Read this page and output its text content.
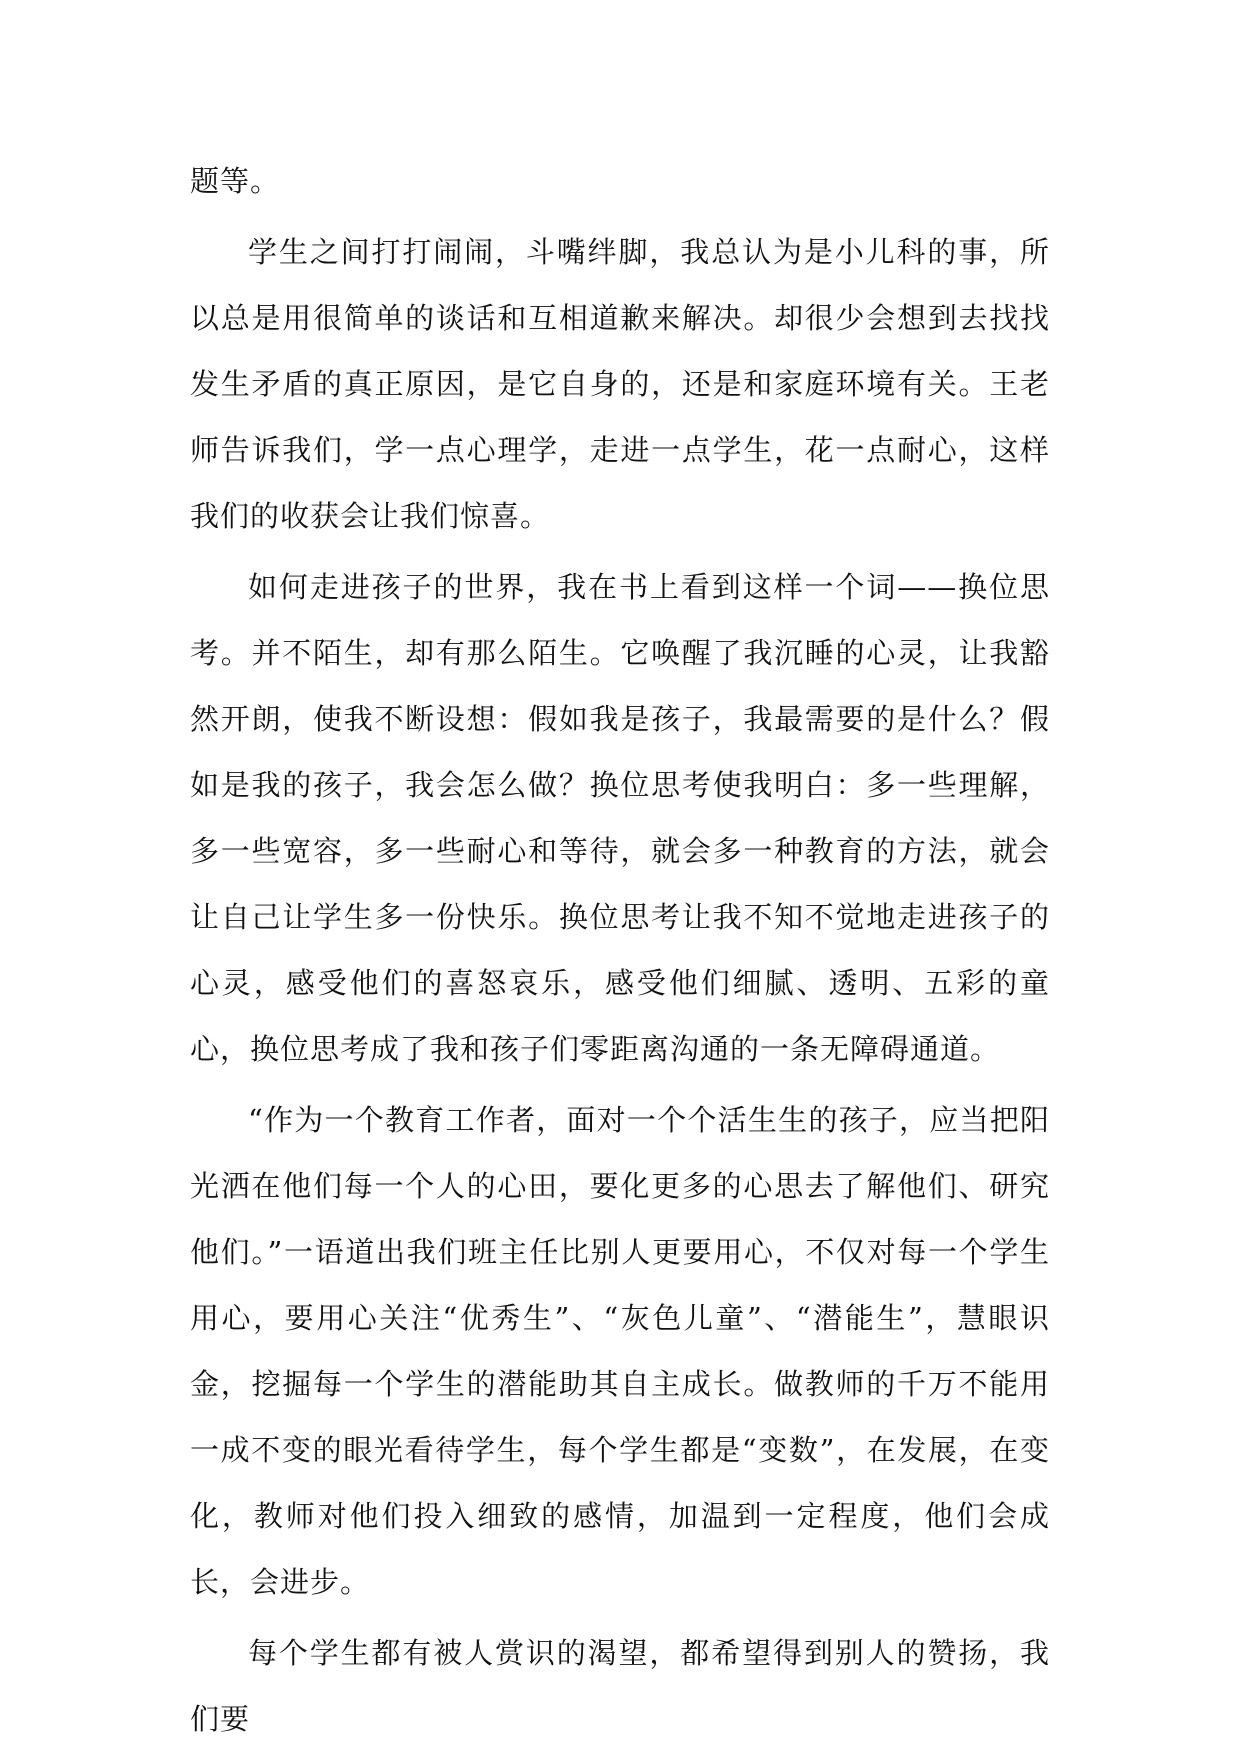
题等。

学生之间打打闹闹，斗嘴绊脚，我总认为是小儿科的事，所以总是用很简单的谈话和互相道歉来解决。却很少会想到去找找发生矛盾的真正原因，是它自身的，还是和家庭环境有关。王老师告诉我们，学一点心理学，走进一点学生，花一点耐心，这样我们的收获会让我们惊喜。

如何走进孩子的世界，我在书上看到这样一个词——换位思考。并不陌生，却有那么陌生。它唤醒了我沉睡的心灵，让我豁然开朗，使我不断设想：假如我是孩子，我最需要的是什么？假如是我的孩子，我会怎么做？换位思考使我明白：多一些理解，多一些宽容，多一些耐心和等待，就会多一种教育的方法，就会让自己让学生多一份快乐。换位思考让我不知不觉地走进孩子的心灵，感受他们的喜怒哀乐，感受他们细腻、透明、五彩的童心，换位思考成了我和孩子们零距离沟通的一条无障碍通道。

“作为一个教育工作者，面对一个个活生生的孩子，应当把阳光洒在他们每一个人的心田，要化更多的心思去了解他们、研究他们。”一语道出我们班主任比别人更要用心，不仅对每一个学生用心，要用心关注“优秀生”、“灰色儿童”、“潜能生”，慧眼识金，挖掘每一个学生的潜能助其自主成长。做教师的千万不能用一成不变的眼光看待学生，每个学生都是“变数”，在发展，在变化，教师对他们投入细致的感情，加温到一定程度，他们会成长，会进步。

每个学生都有被人赏识的渴望，都希望得到别人的赞扬，我们要
